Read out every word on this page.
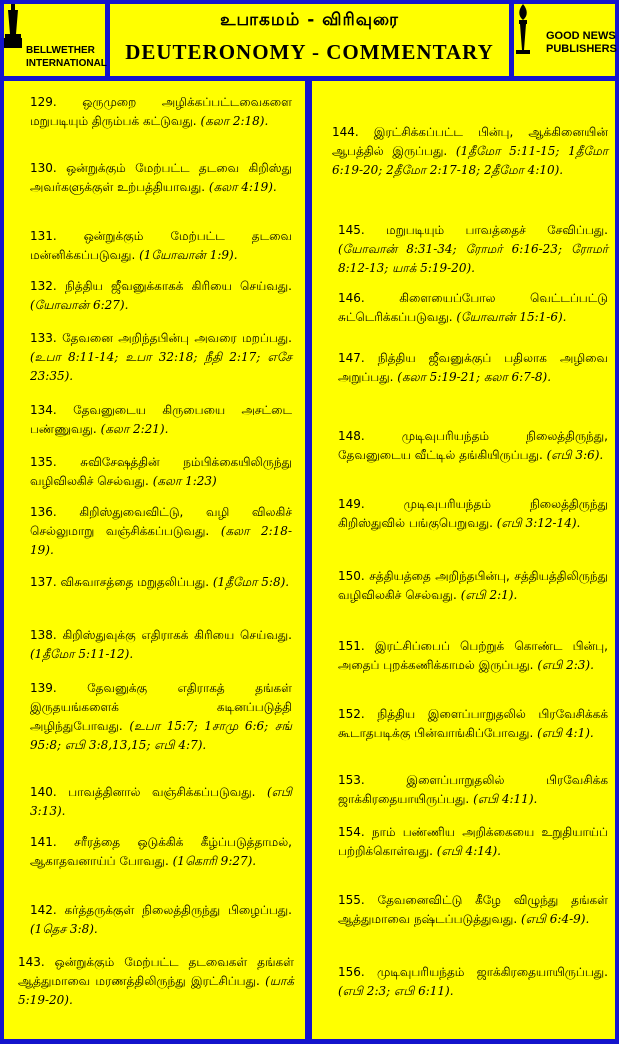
BELLWETHER
INTERNATIONAL
உபாகமம் - விரிவுரை
DEUTERONOMY - COMMENTARY
GOOD NEWS
PUBLISHERS
129. ஒருமுறை அழிக்கப்பட்டவைகளை மறுபடியும் திரும்பக் கட்டுவது. (கலா 2:18).
130. ஒன்றுக்கும் மேற்பட்ட தடவை கிறிஸ்து அவர்களுக்குள் உற்பத்தியாவது. (கலா 4:19).
131. ஒன்றுக்கும் மேற்பட்ட தடவை மன்னிக்கப்படுவது. (1யோவான் 1:9).
132. நித்திய ஜீவனுக்காகக் கிரியை செய்வது. (யோவான் 6:27).
133. தேவனை அறிந்தபின்பு அவரை மறப்பது. (உபா 8:11-14; உபா 32:18; நீதி 2:17; எசே 23:35).
134. தேவனுடைய கிருபையை அசட்டை பண்ணுவது. (கலா 2:21).
135. சுவிசேஷத்தின் நம்பிக்கையிலிருந்து வழிவிலகிச் செல்வது. (கலா 1:23)
136. கிறிஸ்துவைவிட்டு, வழி விலகிச் செல்லுமாறு வஞ்சிக்கப்படுவது. (கலா 2:18-19).
137. விசுவாசத்தை மறுதலிப்பது. (1தீமோ 5:8).
138. கிறிஸ்துவுக்கு எதிராகக் கிரியை செய்வது. (1தீமோ 5:11-12).
139.	தேவனுக்கு எதிராகத் தங்கள் இருதயங்களைக் கடினப்படுத்தி அழிந்துபோவது. (உபா 15:7; 1சாமு 6:6; சங் 95:8; எபி 3:8,13,15; எபி 4:7).
140. பாவத்தினால் வஞ்சிக்கப்படுவது. (எபி 3:13).
141. சரீரத்தை ஒடுக்கிக் கீழ்ப்படுத்தாமல், ஆகாதவனாய்ப் போவது. (1கொரி 9:27).
142. கர்த்தருக்குள் நிலைத்திருந்து பிழைப்பது. (1தெச 3:8).
143. ஒன்றுக்கும் மேற்பட்ட தடவைகள் தங்கள் ஆத்துமாவை மரணத்திலிருந்து இரட்சிப்பது. (யாக் 5:19-20).
144. இரட்சிக்கப்பட்ட பின்பு, ஆக்கினையின் ஆபத்தில் இருப்பது. (1தீமோ 5:11-15; 1தீமோ 6:19-20; 2தீமோ 2:17-18; 2தீமோ 4:10).
145. மறுபடியும் பாவத்தைச் சேவிப்பது. (யோவான் 8:31-34; ரோமர் 6:16-23; ரோமர் 8:12-13; யாக் 5:19-20).
146.	கிளையைப்போல வெட்டப்பட்டு சுட்டெரிக்கப்படுவது. (யோவான் 15:1-6).
147. நித்திய ஜீவனுக்குப் பதிலாக அழிவை அறுப்பது. (கலா 5:19-21; கலா 6:7-8).
148.	முடிவுபரியந்தம் நிலைத்திருந்து, தேவனுடைய வீட்டில் தங்கியிருப்பது. (எபி 3:6).
149.	முடிவுபரியந்தம் நிலைத்திருந்து கிறிஸ்துவில் பங்குபெறுவது. (எபி 3:12-14).
150. சத்தியத்தை அறிந்தபின்பு, சத்தியத்திலிருந்து வழிவிலகிச் செல்வது. (எபி 2:1).
151. இரட்சிப்பைப் பெற்றுக் கொண்ட பின்பு, அதைப் புறக்கணிக்காமல் இருப்பது. (எபி 2:3).
152. நித்திய இளைப்பாறுதலில் பிரவேசிக்கக் கூடாதபடிக்கு பின்வாங்கிப்போவது. (எபி 4:1).
153.	இளைப்பாறுதலில் பிரவேசிக்க ஜாக்கிரதையாயிருப்பது. (எபி 4:11).
154. நாம் பண்ணிய அறிக்கையை உறுதியாய்ப் பற்றிக்கொள்வது. (எபி 4:14).
155. தேவனைவிட்டு கீழே விழுந்து தங்கள் ஆத்துமாவை நஷ்டப்படுத்துவது. (எபி 6:4-9).
156. முடிவுபரியந்தம் ஜாக்கிரதையாயிருப்பது. (எபி 2:3; எபி 6:11).
